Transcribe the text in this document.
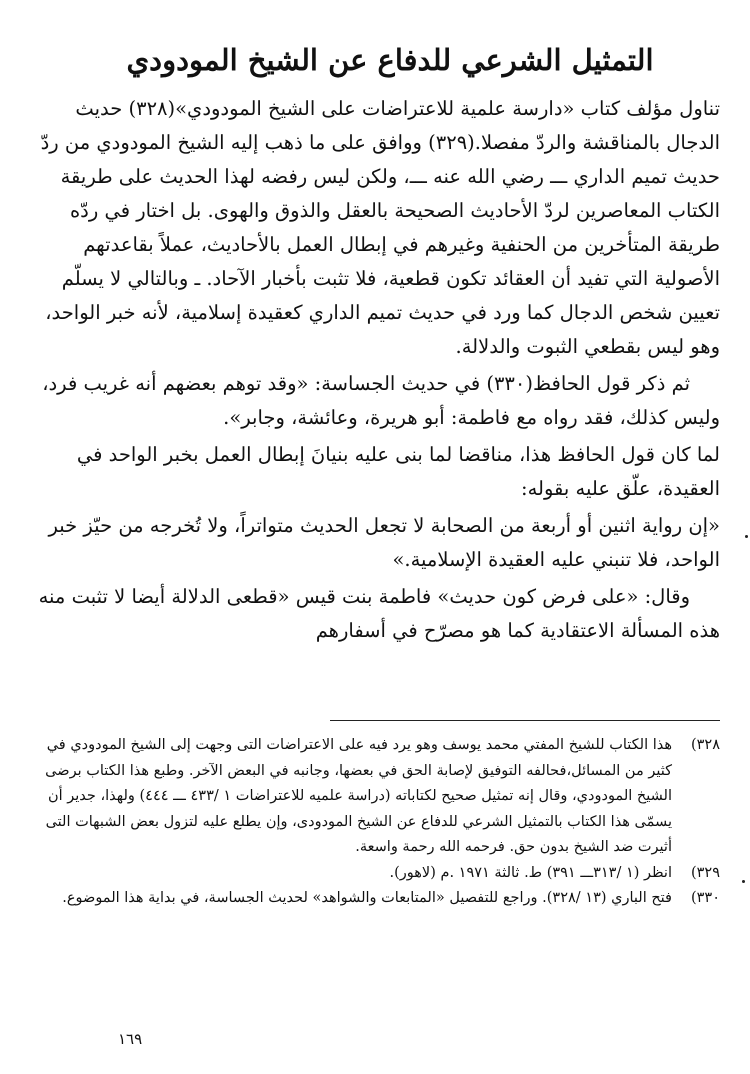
التمثيل الشرعي للدفاع عن الشيخ المودودي

تناول مؤلف كتاب «دارسة علمية للاعتراضات على الشيخ المودودي»(٣٢٨) حديث الدجال بالمناقشة والردّ مفصلا.(٣٢٩) ووافق على ما ذهب إليه الشيخ المودودي من ردّ حديث تميم الداري ـــ رضي الله عنه ـــ، ولكن ليس رفضه لهذا الحديث على طريقة الكتاب المعاصرين لردّ الأحاديث الصحيحة بالعقل والذوق والهوى. بل اختار في ردّه طريقة المتأخرين من الحنفية وغيرهم في إبطال العمل بالأحاديث، عملاً بقاعدتهم الأصولية التي تفيد أن العقائد تكون قطعية، فلا تثبت بأخبار الآحاد. ـ وبالتالي لا يسلّم تعيين شخص الدجال كما ورد في حديث تميم الداري كعقيدة إسلامية، لأنه خبر الواحد، وهو ليس بقطعي الثبوت والدلالة.

ثم ذكر قول الحافظ(٣٣٠) في حديث الجساسة: «وقد توهم بعضهم أنه غريب فرد، وليس كذلك، فقد رواه مع فاطمة: أبو هريرة، وعائشة، وجابر».

لما كان قول الحافظ هذا، مناقضا لما بنى عليه بنيانَ إبطال العمل بخبر الواحد في العقيدة، علّق عليه بقوله:

«إن رواية اثنين أو أربعة من الصحابة لا تجعل الحديث متواتراً، ولا تُخرجه من حيّز خبر الواحد، فلا تنبني عليه العقيدة الإسلامية.»

وقال: «على فرض كون حديث» فاطمة بنت قيس «قطعى الدلالة أيضا لا تثبت منه هذه المسألة الاعتقادية كما هو مصرّح في أسفارهم

٣٢٨)
هذا الكتاب للشيخ المفتي محمد يوسف وهو يرد فيه على الاعتراضات التى وجهت إلى الشيخ المودودي في كثير من المسائل،فحالفه التوفيق لإصابة الحق في بعضها، وجانبه في البعض الآخر. وطبع هذا الكتاب برضى الشيخ المودودي، وقال إنه تمثيل صحيح لكتاباته (دراسة علميه للاعتراضات ١ /٤٣٣ ـــ ٤٤٤) ولهذا، جدير أن يسمّى هذا الكتاب بالتمثيل الشرعي للدفاع عن الشيخ المودودى، وإن يطلع عليه لتزول بعض الشبهات التى أثيرت ضد الشيخ بدون حق. فرحمه الله رحمة واسعة.
٣٢٩)
انظر (١ /٣١٣ـــ ٣٩١) ط. ثالثة ١٩٧١ .م (لاهور).
٣٣٠)
فتح الباري (١٣ /٣٢٨). وراجع للتفصيل «المتابعات والشواهد» لحديث الجساسة، في بداية هذا الموضوع.
١٦٩
